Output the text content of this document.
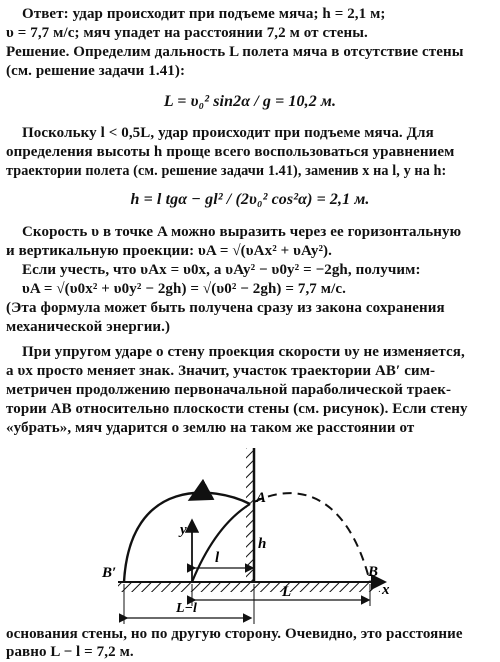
Ответ: удар происходит при подъеме мяча; h = 2,1 м;
υ = 7,7 м/с; мяч упадет на расстоянии 7,2 м от стены.
Решение. Определим дальность L полета мяча в отсутствие стены
(см. решение задачи 1.41):
L = υ₀² sin2α / g = 10,2 м.
Поскольку l < 0,5L, удар происходит при подъеме мяча. Для
определения высоты h проще всего воспользоваться уравнением
траектории полета (см. решение задачи 1.41), заменив x на l, y на h:
h = l tgα − gl² / (2υ₀² cos²α) = 2,1 м.
Скорость υ в точке A можно выразить через ее горизонтальную
и вертикальную проекции: υA = √(υAx² + υAy²).
Если учесть, что υAx = υ0x, а υAy² − υ0y² = −2gh, получим:
υA = √(υ0x² + υ0y² − 2gh) = √(υ0² − 2gh) = 7,7 м/с.
(Эта формула может быть получена сразу из закона сохранения
механической энергии.)
При упругом ударе о стену проекция скорости υy не изменяется,
а υx просто меняет знак. Значит, участок траектории AB′ сим-
метричен продолжению первоначальной параболической траек-
тории AB относительно плоскости стены (см. рисунок). Если стену
«убрать», мяч ударится о землю на таком же расстоянии от
A
B
B′
y
h
l
L	x
L−l
основания стены, но по другую сторону. Очевидно, это расстояние
равно L − l = 7,2 м.
